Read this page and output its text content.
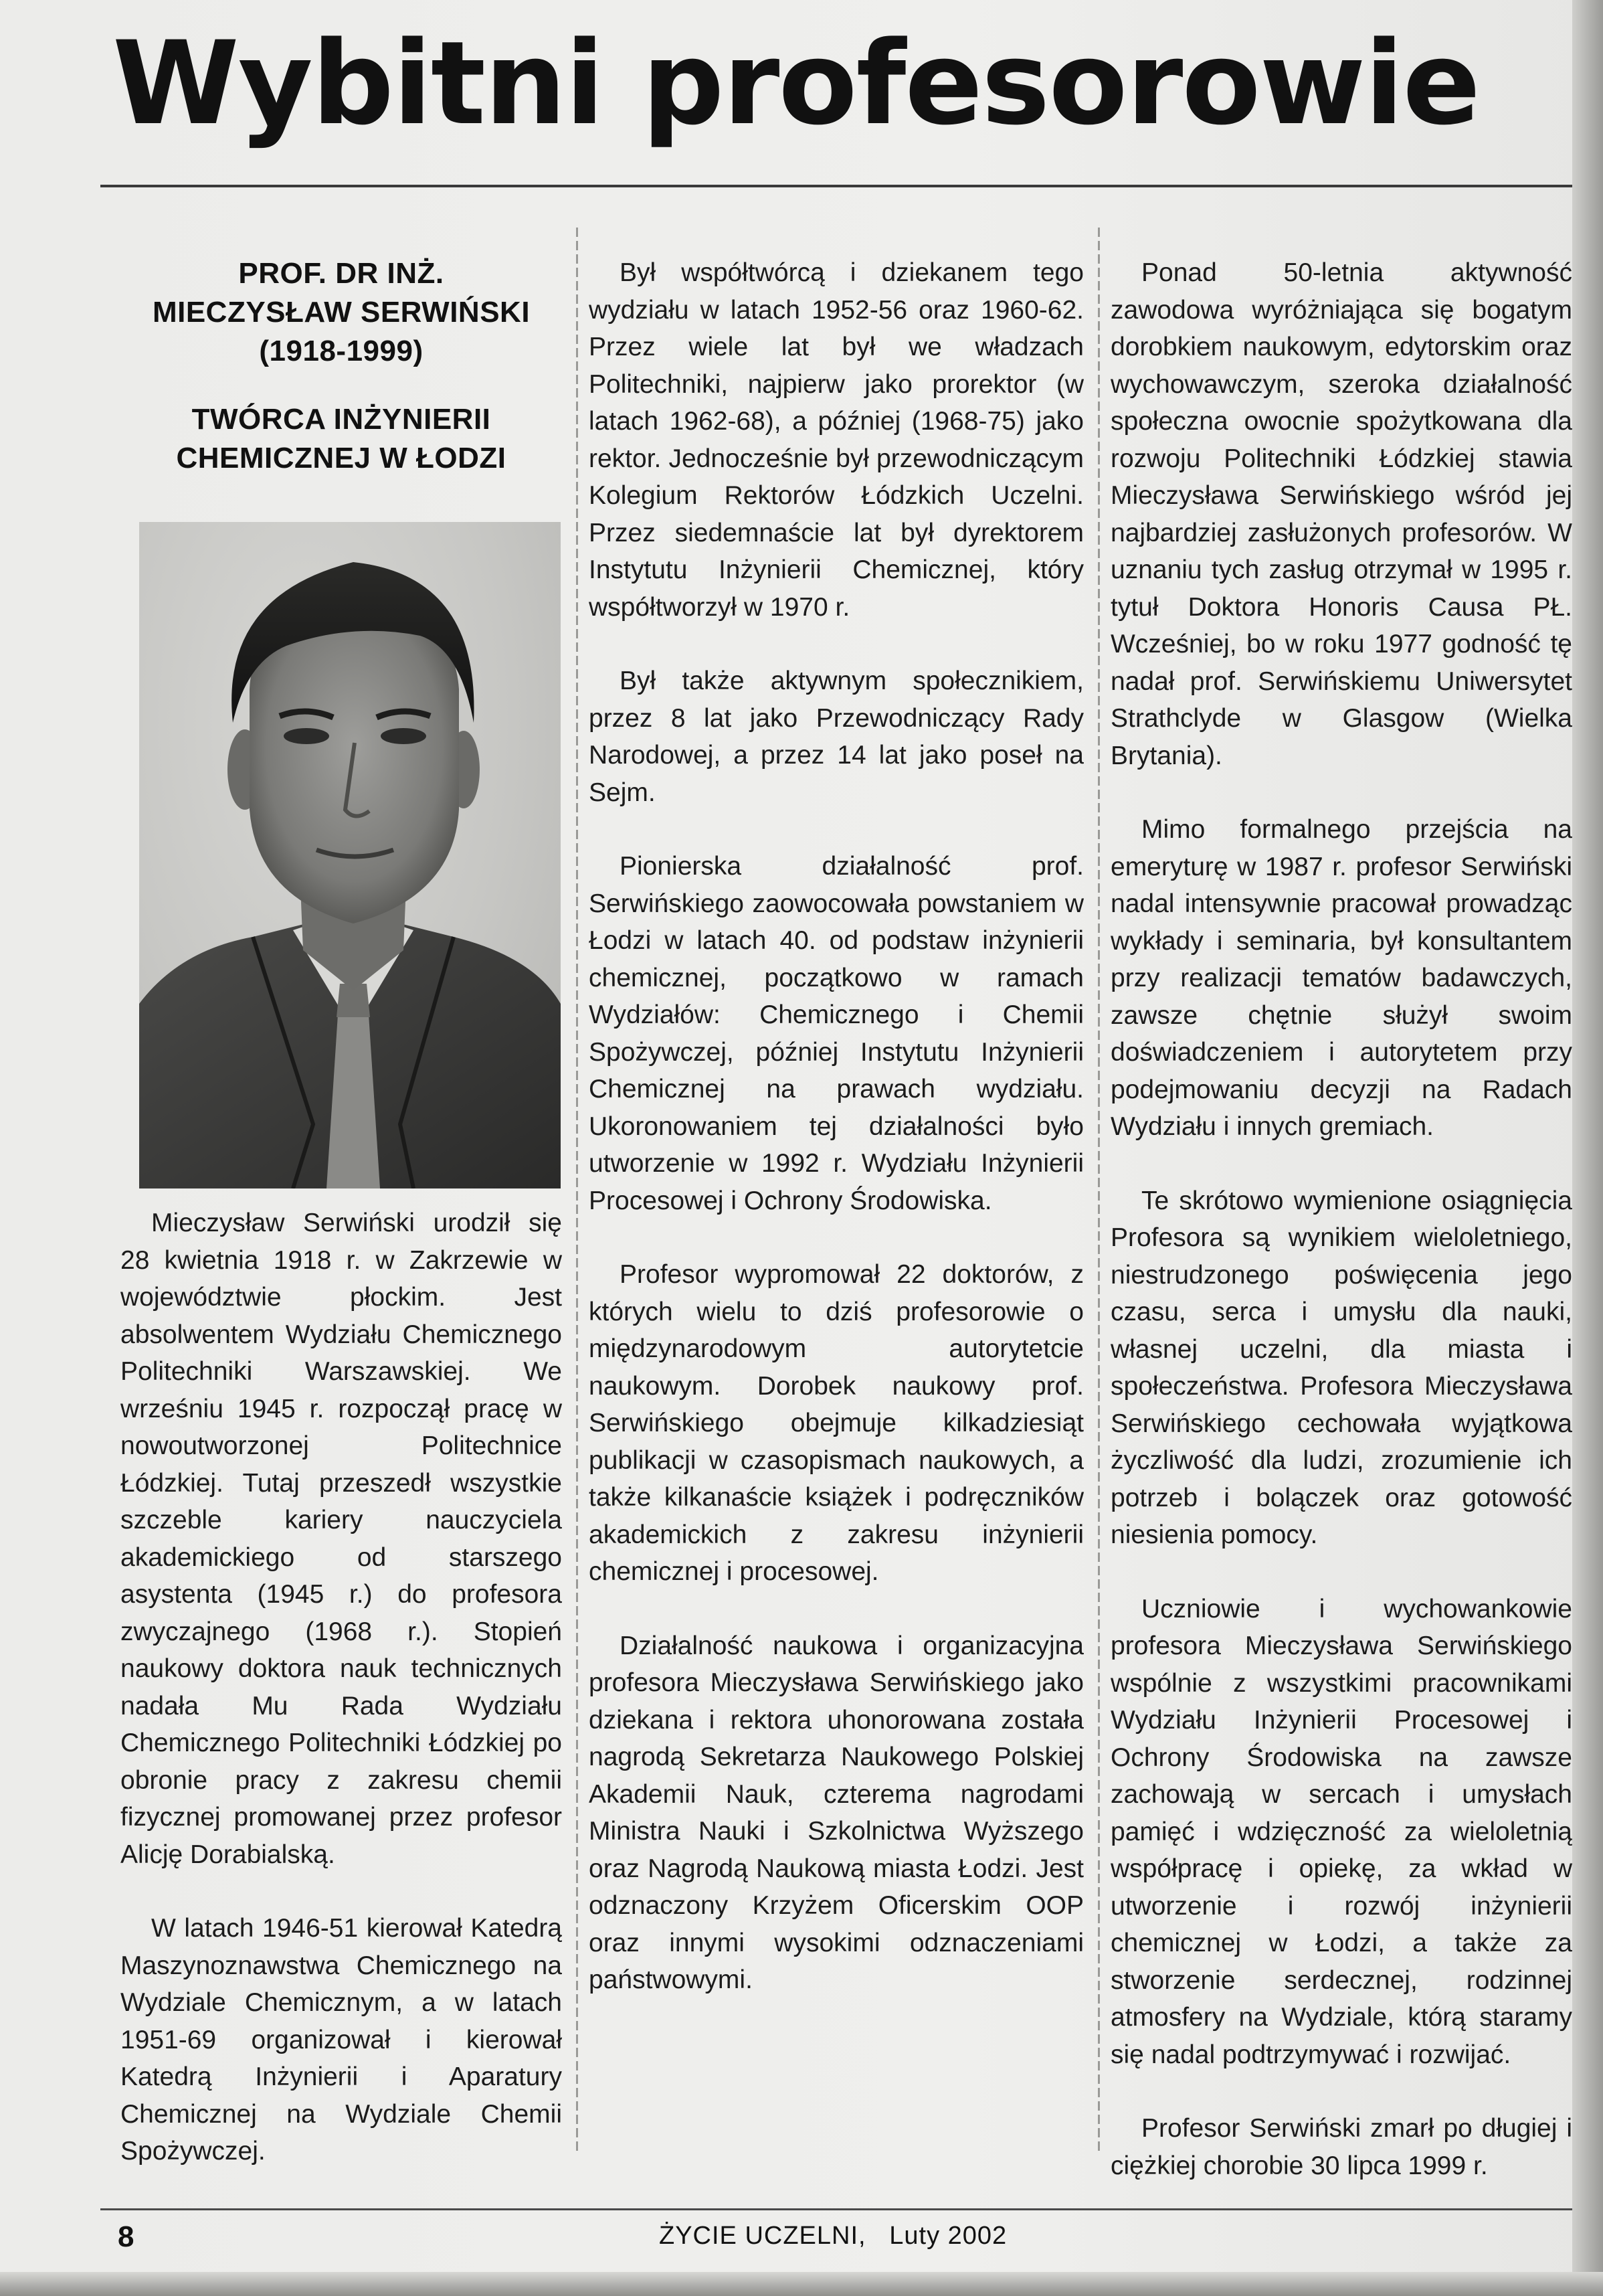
Wybitni profesorowie
PROF. DR INŻ.
MIECZYSŁAW SERWIŃSKI
(1918-1999)
TWÓRCA INŻYNIERII
CHEMICZNEJ W ŁODZI

Mieczysław Serwiński urodził się 28 kwietnia 1918 r. w Zakrzewie w województwie płockim. Jest absolwentem Wydziału Chemicznego Politechniki Warszawskiej. We wrześniu 1945 r. rozpoczął pracę w nowoutworzonej Politechnice Łódzkiej. Tutaj przeszedł wszystkie szczeble kariery nauczyciela akademickiego od starszego asystenta (1945 r.) do profesora zwyczajnego (1968 r.). Stopień naukowy doktora nauk technicznych nadała Mu Rada Wydziału Chemicznego Politechniki Łódzkiej po obronie pracy z zakresu chemii fizycznej promowanej przez profesor Alicję Dorabialską.

W latach 1946-51 kierował Katedrą Maszynoznawstwa Chemicznego na Wydziale Chemicznym, a w latach 1951-69 organizował i kierował Katedrą Inżynierii i Aparatury Chemicznej na Wydziale Chemii Spożywczej.

Był współtwórcą i dziekanem tego wydziału w latach 1952-56 oraz 1960-62. Przez wiele lat był we władzach Politechniki, najpierw jako prorektor (w latach 1962-68), a później (1968-75) jako rektor. Jednocześnie był przewodniczącym Kolegium Rektorów Łódzkich Uczelni. Przez siedemnaście lat był dyrektorem Instytutu Inżynierii Chemicznej, który współtworzył w 1970 r.

Był także aktywnym społecznikiem, przez 8 lat jako Przewodniczący Rady Narodowej, a przez 14 lat jako poseł na Sejm.

Pionierska działalność prof. Serwińskiego zaowocowała powstaniem w Łodzi w latach 40. od podstaw inżynierii chemicznej, początkowo w ramach Wydziałów: Chemicznego i Chemii Spożywczej, później Instytutu Inżynierii Chemicznej na prawach wydziału. Ukoronowaniem tej działalności było utworzenie w 1992 r. Wydziału Inżynierii Procesowej i Ochrony Środowiska.

Profesor wypromował 22 doktorów, z których wielu to dziś profesorowie o międzynarodowym autorytetcie naukowym. Dorobek naukowy prof. Serwińskiego obejmuje kilkadziesiąt publikacji w czasopismach naukowych, a także kilkanaście książek i podręczników akademickich z zakresu inżynierii chemicznej i procesowej.

Działalność naukowa i organizacyjna profesora Mieczysława Serwińskiego jako dziekana i rektora uhonorowana została nagrodą Sekretarza Naukowego Polskiej Akademii Nauk, czterema nagrodami Ministra Nauki i Szkolnictwa Wyższego oraz Nagrodą Naukową miasta Łodzi. Jest odznaczony Krzyżem Oficerskim OOP oraz innymi wysokimi odznaczeniami państwowymi.

Ponad 50-letnia aktywność zawodowa wyróżniająca się bogatym dorobkiem naukowym, edytorskim oraz wychowawczym, szeroka działalność społeczna owocnie spożytkowana dla rozwoju Politechniki Łódzkiej stawia Mieczysława Serwińskiego wśród jej najbardziej zasłużonych profesorów. W uznaniu tych zasług otrzymał w 1995 r. tytuł Doktora Honoris Causa PŁ. Wcześniej, bo w roku 1977 godność tę nadał prof. Serwińskiemu Uniwersytet Strathclyde w Glasgow (Wielka Brytania).

Mimo formalnego przejścia na emeryturę w 1987 r. profesor Serwiński nadal intensywnie pracował prowadząc wykłady i seminaria, był konsultantem przy realizacji tematów badawczych, zawsze chętnie służył swoim doświadczeniem i autorytetem przy podejmowaniu decyzji na Radach Wydziału i innych gremiach.

Te skrótowo wymienione osiągnięcia Profesora są wynikiem wieloletniego, niestrudzonego poświęcenia jego czasu, serca i umysłu dla nauki, własnej uczelni, dla miasta i społeczeństwa. Profesora Mieczysława Serwińskiego cechowała wyjątkowa życzliwość dla ludzi, zrozumienie ich potrzeb i bolączek oraz gotowość niesienia pomocy.

Uczniowie i wychowankowie profesora Mieczysława Serwińskiego wspólnie z wszystkimi pracownikami Wydziału Inżynierii Procesowej i Ochrony Środowiska na zawsze zachowają w sercach i umysłach pamięć i wdzięczność za wieloletnią współpracę i opiekę, za wkład w utworzenie i rozwój inżynierii chemicznej w Łodzi, a także za stworzenie serdecznej, rodzinnej atmosfery na Wydziale, którą staramy się nadal podtrzymywać i rozwijać.

Profesor Serwiński zmarł po długiej i ciężkiej chorobie 30 lipca 1999 r.

8	ŻYCIE UCZELNI,   Luty 2002
